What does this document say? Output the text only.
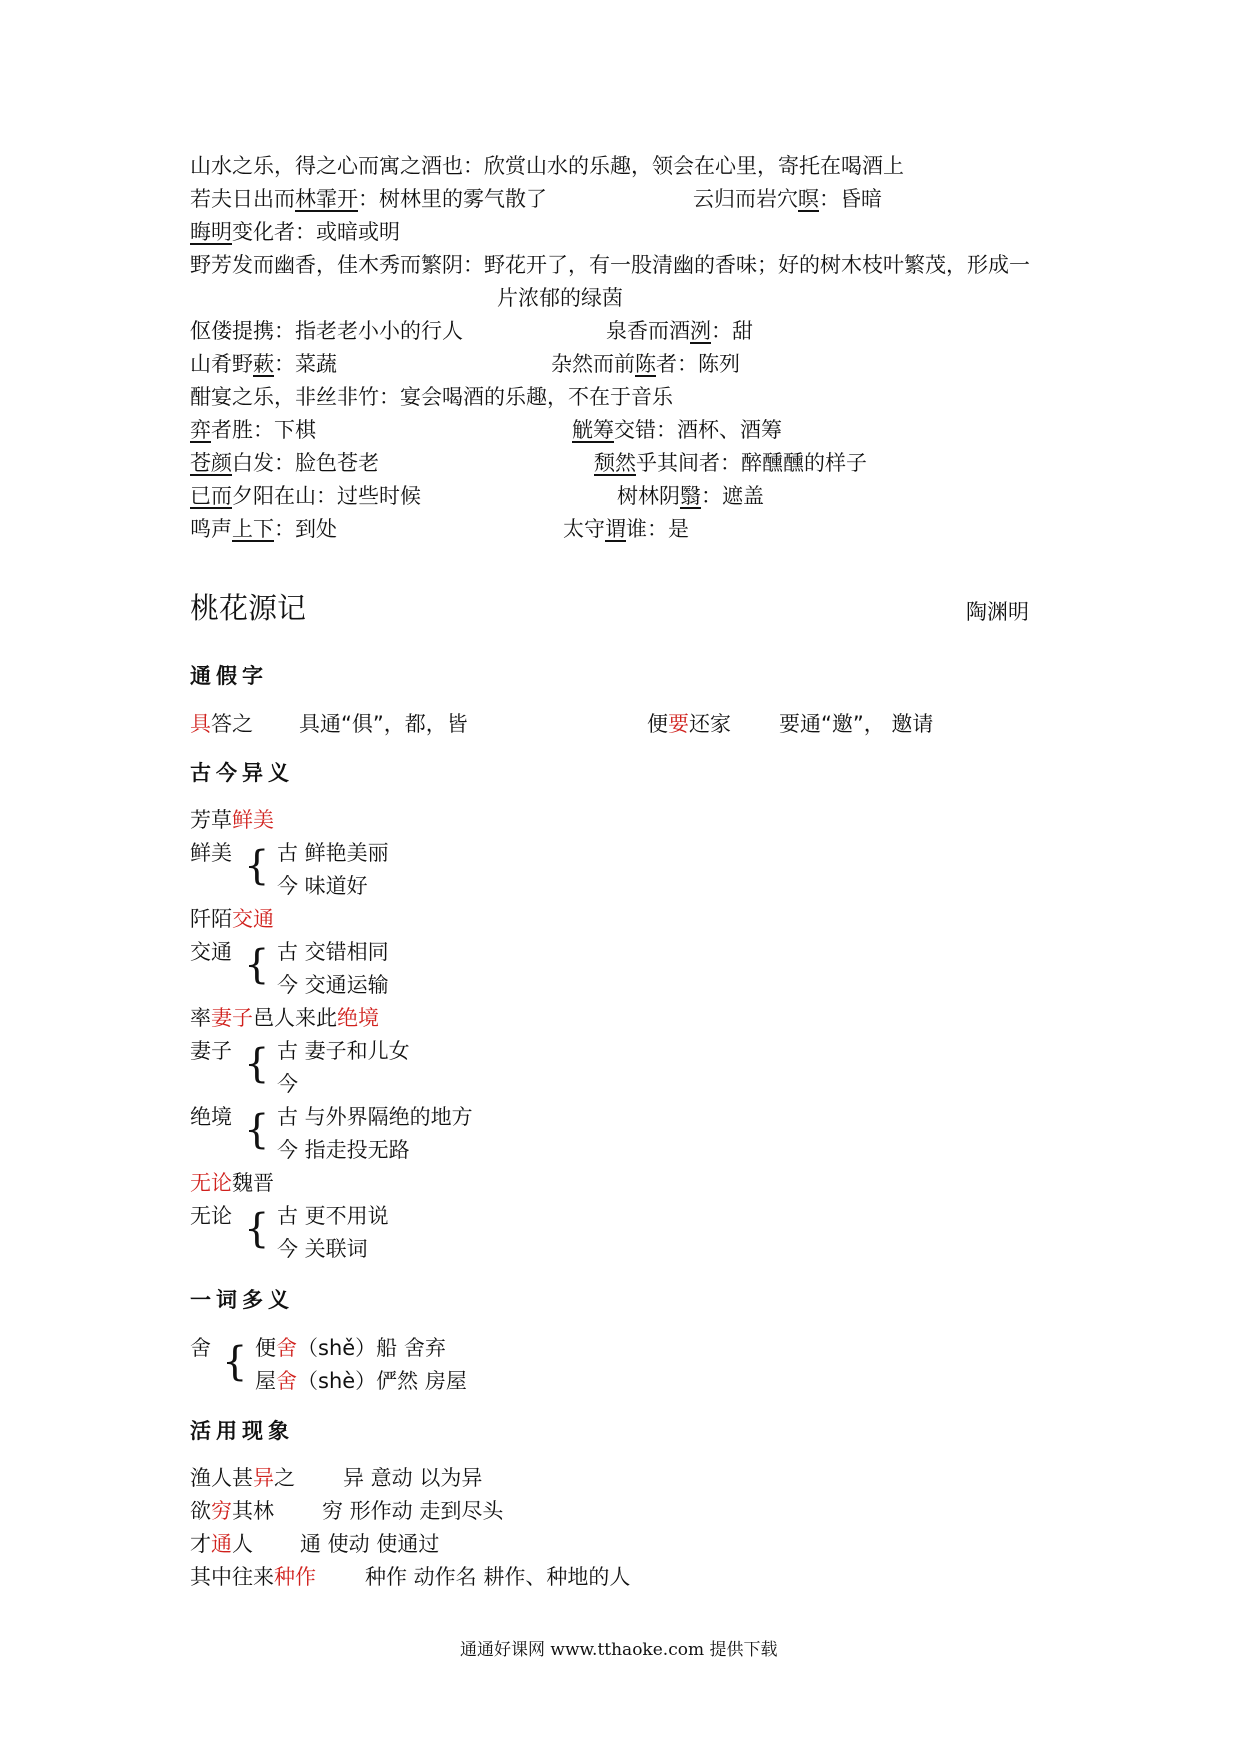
山水之乐，得之心而寓之酒也：欣赏山水的乐趣，领会在心里，寄托在喝酒上
若夫日出而林霏开：树林里的雾气散了	云归而岩穴暝：昏暗
晦明变化者：或暗或明
野芳发而幽香，佳木秀而繁阴：野花开了，有一股清幽的香味；好的树木枝叶繁茂，形成一
片浓郁的绿茵
伛偻提携：指老老小小的行人	泉香而酒洌：甜
山肴野蔌：菜蔬	杂然而前陈者：陈列
酣宴之乐，非丝非竹：宴会喝酒的乐趣，不在于音乐
弈者胜：下棋	觥筹交错：酒杯、酒筹
苍颜白发：脸色苍老	颓然乎其间者：醉醺醺的样子
已而夕阳在山：过些时候	树林阴翳：遮盖
鸣声上下：到处	太守谓谁：是
桃花源记	陶渊明
通假字
具答之 具通“俱”，都，皆	便要还家 要通“邀”， 邀请
古今异义
芳草鲜美
鲜美 { 古 鲜艳美丽
今 味道好
阡陌交通
交通 { 古 交错相同
今 交通运输
率妻子邑人来此绝境
妻子 { 古 妻子和儿女
今
绝境 { 古 与外界隔绝的地方
今 指走投无路
无论魏晋
无论 { 古 更不用说
今 关联词
一词多义
舍 { 便舍（shě）船 舍弃
屋舍（shè）俨然 房屋
活用现象
渔人甚异之 异 意动 以为异
欲穷其林 穷 形作动 走到尽头
才通人 通 使动 使通过
其中往来种作 种作 动作名 耕作、种地的人
通通好课网 www.tthaoke.com 提供下载
